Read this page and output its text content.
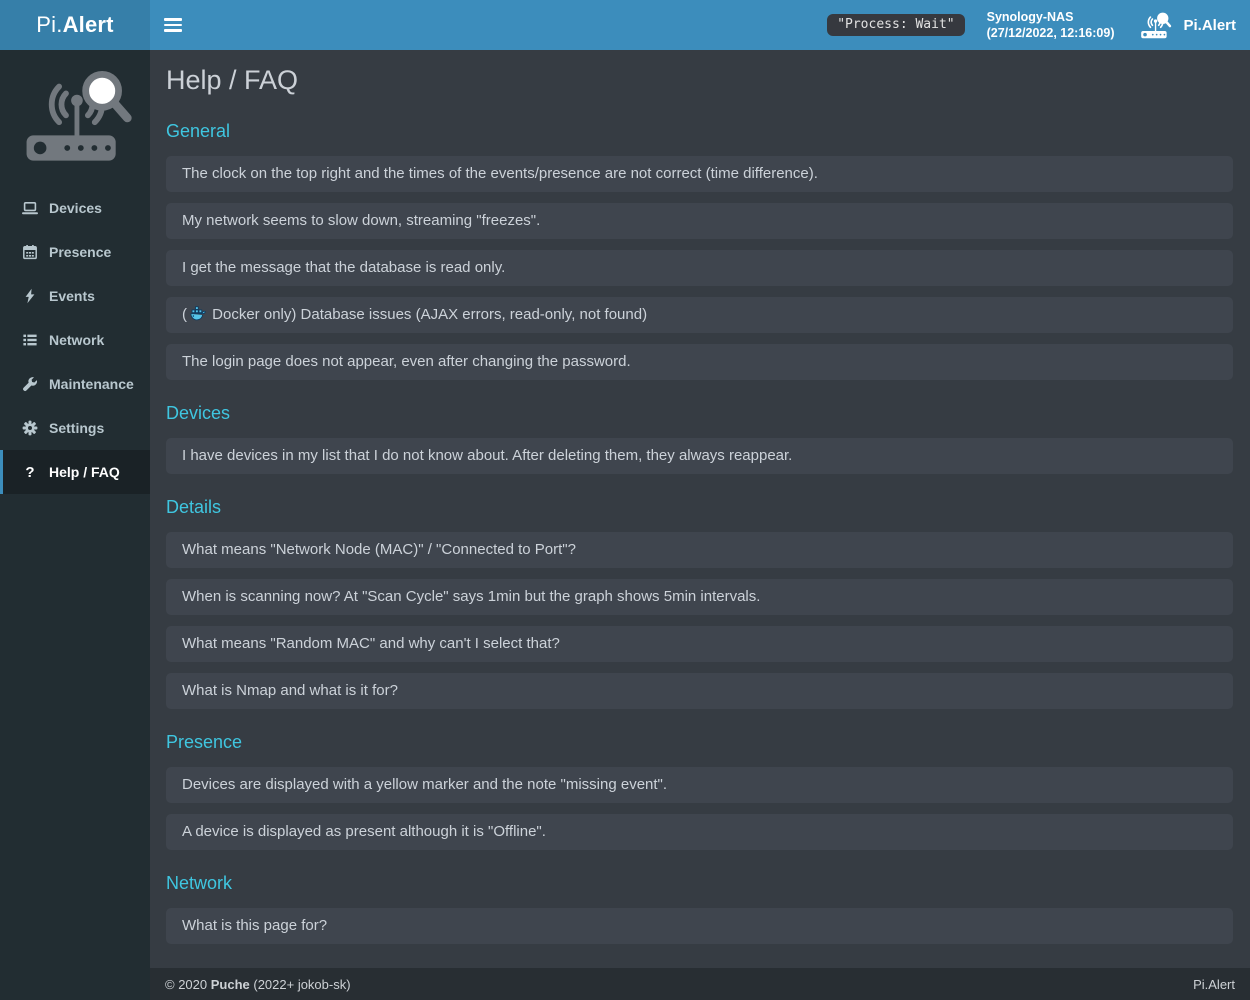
Pi.Alert	"Process: Wait"	Synology-NAS
(27/12/2022, 12:16:09)	Pi.Alert
Devices
Presence
Events
Network
Maintenance
Settings
? Help / FAQ
Help / FAQ
General
The clock on the top right and the times of the events/presence are not correct (time difference).
My network seems to slow down, streaming "freezes".
I get the message that the database is read only.
( Docker only) Database issues (AJAX errors, read-only, not found)
The login page does not appear, even after changing the password.
Devices
I have devices in my list that I do not know about. After deleting them, they always reappear.
Details
What means "Network Node (MAC)" / "Connected to Port"?
When is scanning now? At "Scan Cycle" says 1min but the graph shows 5min intervals.
What means "Random MAC" and why can't I select that?
What is Nmap and what is it for?
Presence
Devices are displayed with a yellow marker and the note "missing event".
A device is displayed as present although it is "Offline".
Network
What is this page for?
© 2020 Puche (2022+ jokob-sk)	Pi.Alert
